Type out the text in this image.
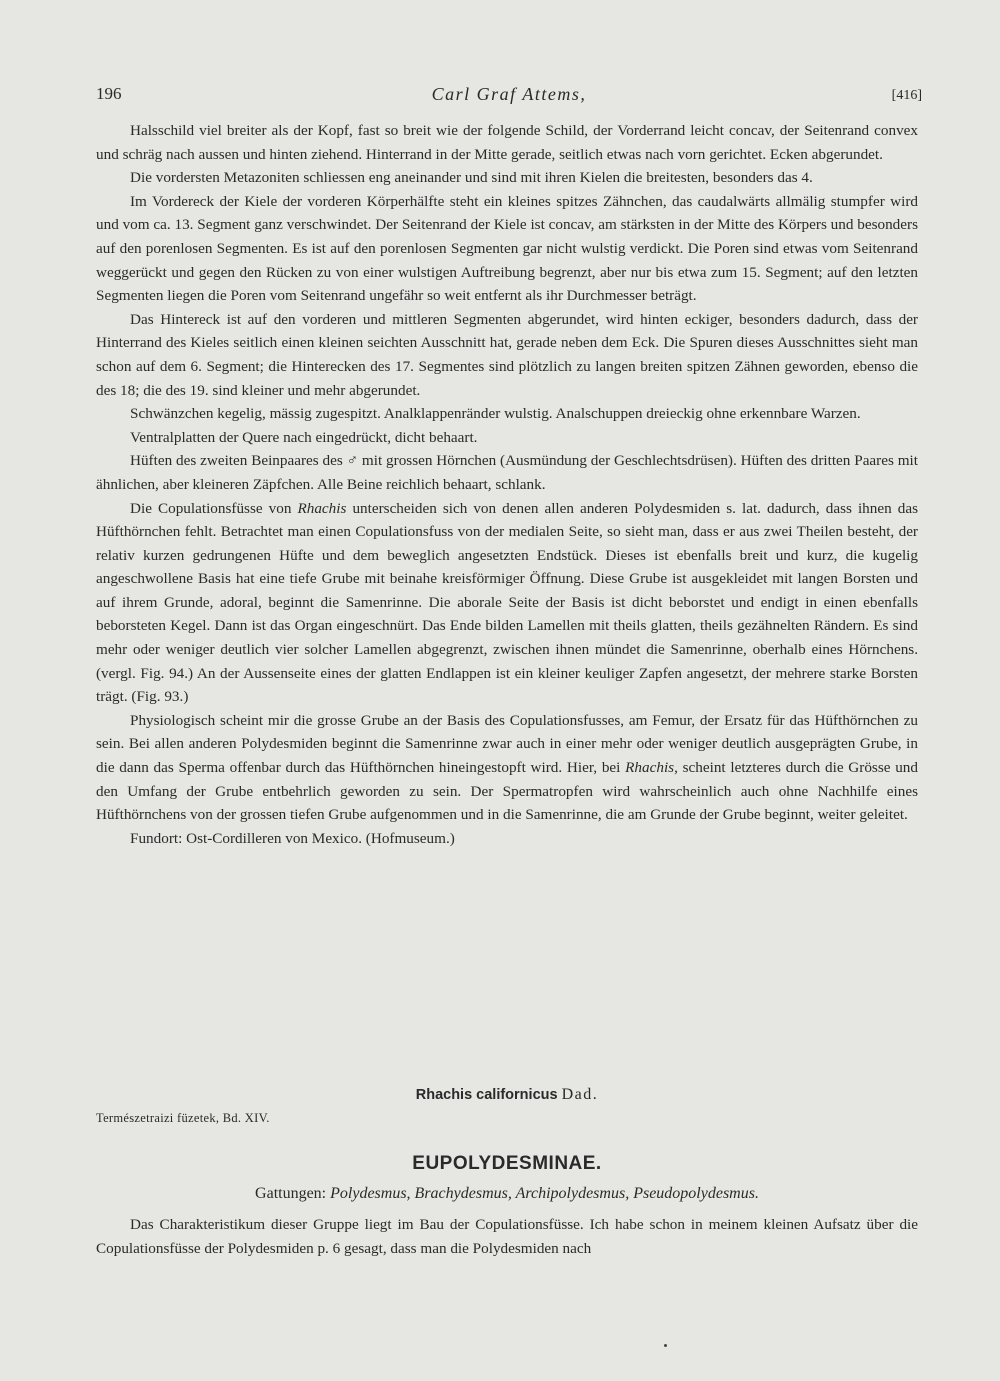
196	Carl Graf Attems,	[416]

Halsschild viel breiter als der Kopf, fast so breit wie der folgende Schild, der Vorderrand leicht concav, der Seitenrand convex und schräg nach aussen und hinten ziehend. Hinterrand in der Mitte gerade, seitlich etwas nach vorn gerichtet. Ecken abgerundet.

Die vordersten Metazoniten schliessen eng aneinander und sind mit ihren Kielen die breitesten, besonders das 4.

Im Vordereck der Kiele der vorderen Körperhälfte steht ein kleines spitzes Zähnchen, das caudalwärts allmälig stumpfer wird und vom ca. 13. Segment ganz verschwindet. Der Seitenrand der Kiele ist concav, am stärksten in der Mitte des Körpers und besonders auf den porenlosen Segmenten. Es ist auf den porenlosen Segmenten gar nicht wulstig verdickt. Die Poren sind etwas vom Seitenrand weggerückt und gegen den Rücken zu von einer wulstigen Auftreibung begrenzt, aber nur bis etwa zum 15. Segment; auf den letzten Segmenten liegen die Poren vom Seitenrand ungefähr so weit entfernt als ihr Durchmesser beträgt.

Das Hintereck ist auf den vorderen und mittleren Segmenten abgerundet, wird hinten eckiger, besonders dadurch, dass der Hinterrand des Kieles seitlich einen kleinen seichten Ausschnitt hat, gerade neben dem Eck. Die Spuren dieses Ausschnittes sieht man schon auf dem 6. Segment; die Hinterecken des 17. Segmentes sind plötzlich zu langen breiten spitzen Zähnen geworden, ebenso die des 18; die des 19. sind kleiner und mehr abgerundet.

Schwänzchen kegelig, mässig zugespitzt. Analklappenränder wulstig. Analschuppen dreieckig ohne erkennbare Warzen.

Ventralplatten der Quere nach eingedrückt, dicht behaart.

Hüften des zweiten Beinpaares des ♂ mit grossen Hörnchen (Ausmündung der Geschlechtsdrüsen). Hüften des dritten Paares mit ähnlichen, aber kleineren Zäpfchen. Alle Beine reichlich behaart, schlank.

Die Copulationsfüsse von Rhachis unterscheiden sich von denen allen anderen Polydesmiden s. lat. dadurch, dass ihnen das Hüfthörnchen fehlt. Betrachtet man einen Copulationsfuss von der medialen Seite, so sieht man, dass er aus zwei Theilen besteht, der relativ kurzen gedrungenen Hüfte und dem beweglich angesetzten Endstück. Dieses ist ebenfalls breit und kurz, die kugelig angeschwollene Basis hat eine tiefe Grube mit beinahe kreisförmiger Öffnung. Diese Grube ist ausgekleidet mit langen Borsten und auf ihrem Grunde, adoral, beginnt die Samenrinne. Die aborale Seite der Basis ist dicht beborstet und endigt in einen ebenfalls beborsteten Kegel. Dann ist das Organ eingeschnürt. Das Ende bilden Lamellen mit theils glatten, theils gezähnelten Rändern. Es sind mehr oder weniger deutlich vier solcher Lamellen abgegrenzt, zwischen ihnen mündet die Samenrinne, oberhalb eines Hörnchens. (vergl. Fig. 94.) An der Aussenseite eines der glatten Endlappen ist ein kleiner keuliger Zapfen angesetzt, der mehrere starke Borsten trägt. (Fig. 93.)

Physiologisch scheint mir die grosse Grube an der Basis des Copulationsfusses, am Femur, der Ersatz für das Hüfthörnchen zu sein. Bei allen anderen Polydesmiden beginnt die Samenrinne zwar auch in einer mehr oder weniger deutlich ausgeprägten Grube, in die dann das Sperma offenbar durch das Hüfthörnchen hineingestopft wird. Hier, bei Rhachis, scheint letzteres durch die Grösse und den Umfang der Grube entbehrlich geworden zu sein. Der Spermatropfen wird wahrscheinlich auch ohne Nachhilfe eines Hüfthörnchens von der grossen tiefen Grube aufgenommen und in die Samenrinne, die am Grunde der Grube beginnt, weiter geleitet.

Fundort: Ost-Cordilleren von Mexico. (Hofmuseum.)

Rhachis californicus Dad.
Természetraizi füzetek, Bd. XIV.
EUPOLYDESMINAE.
Gattungen: Polydesmus, Brachydesmus, Archipolydesmus, Pseudopolydesmus.

Das Charakteristikum dieser Gruppe liegt im Bau der Copulationsfüsse. Ich habe schon in meinem kleinen Aufsatz über die Copulationsfüsse der Polydesmiden p. 6 gesagt, dass man die Polydesmiden nach
